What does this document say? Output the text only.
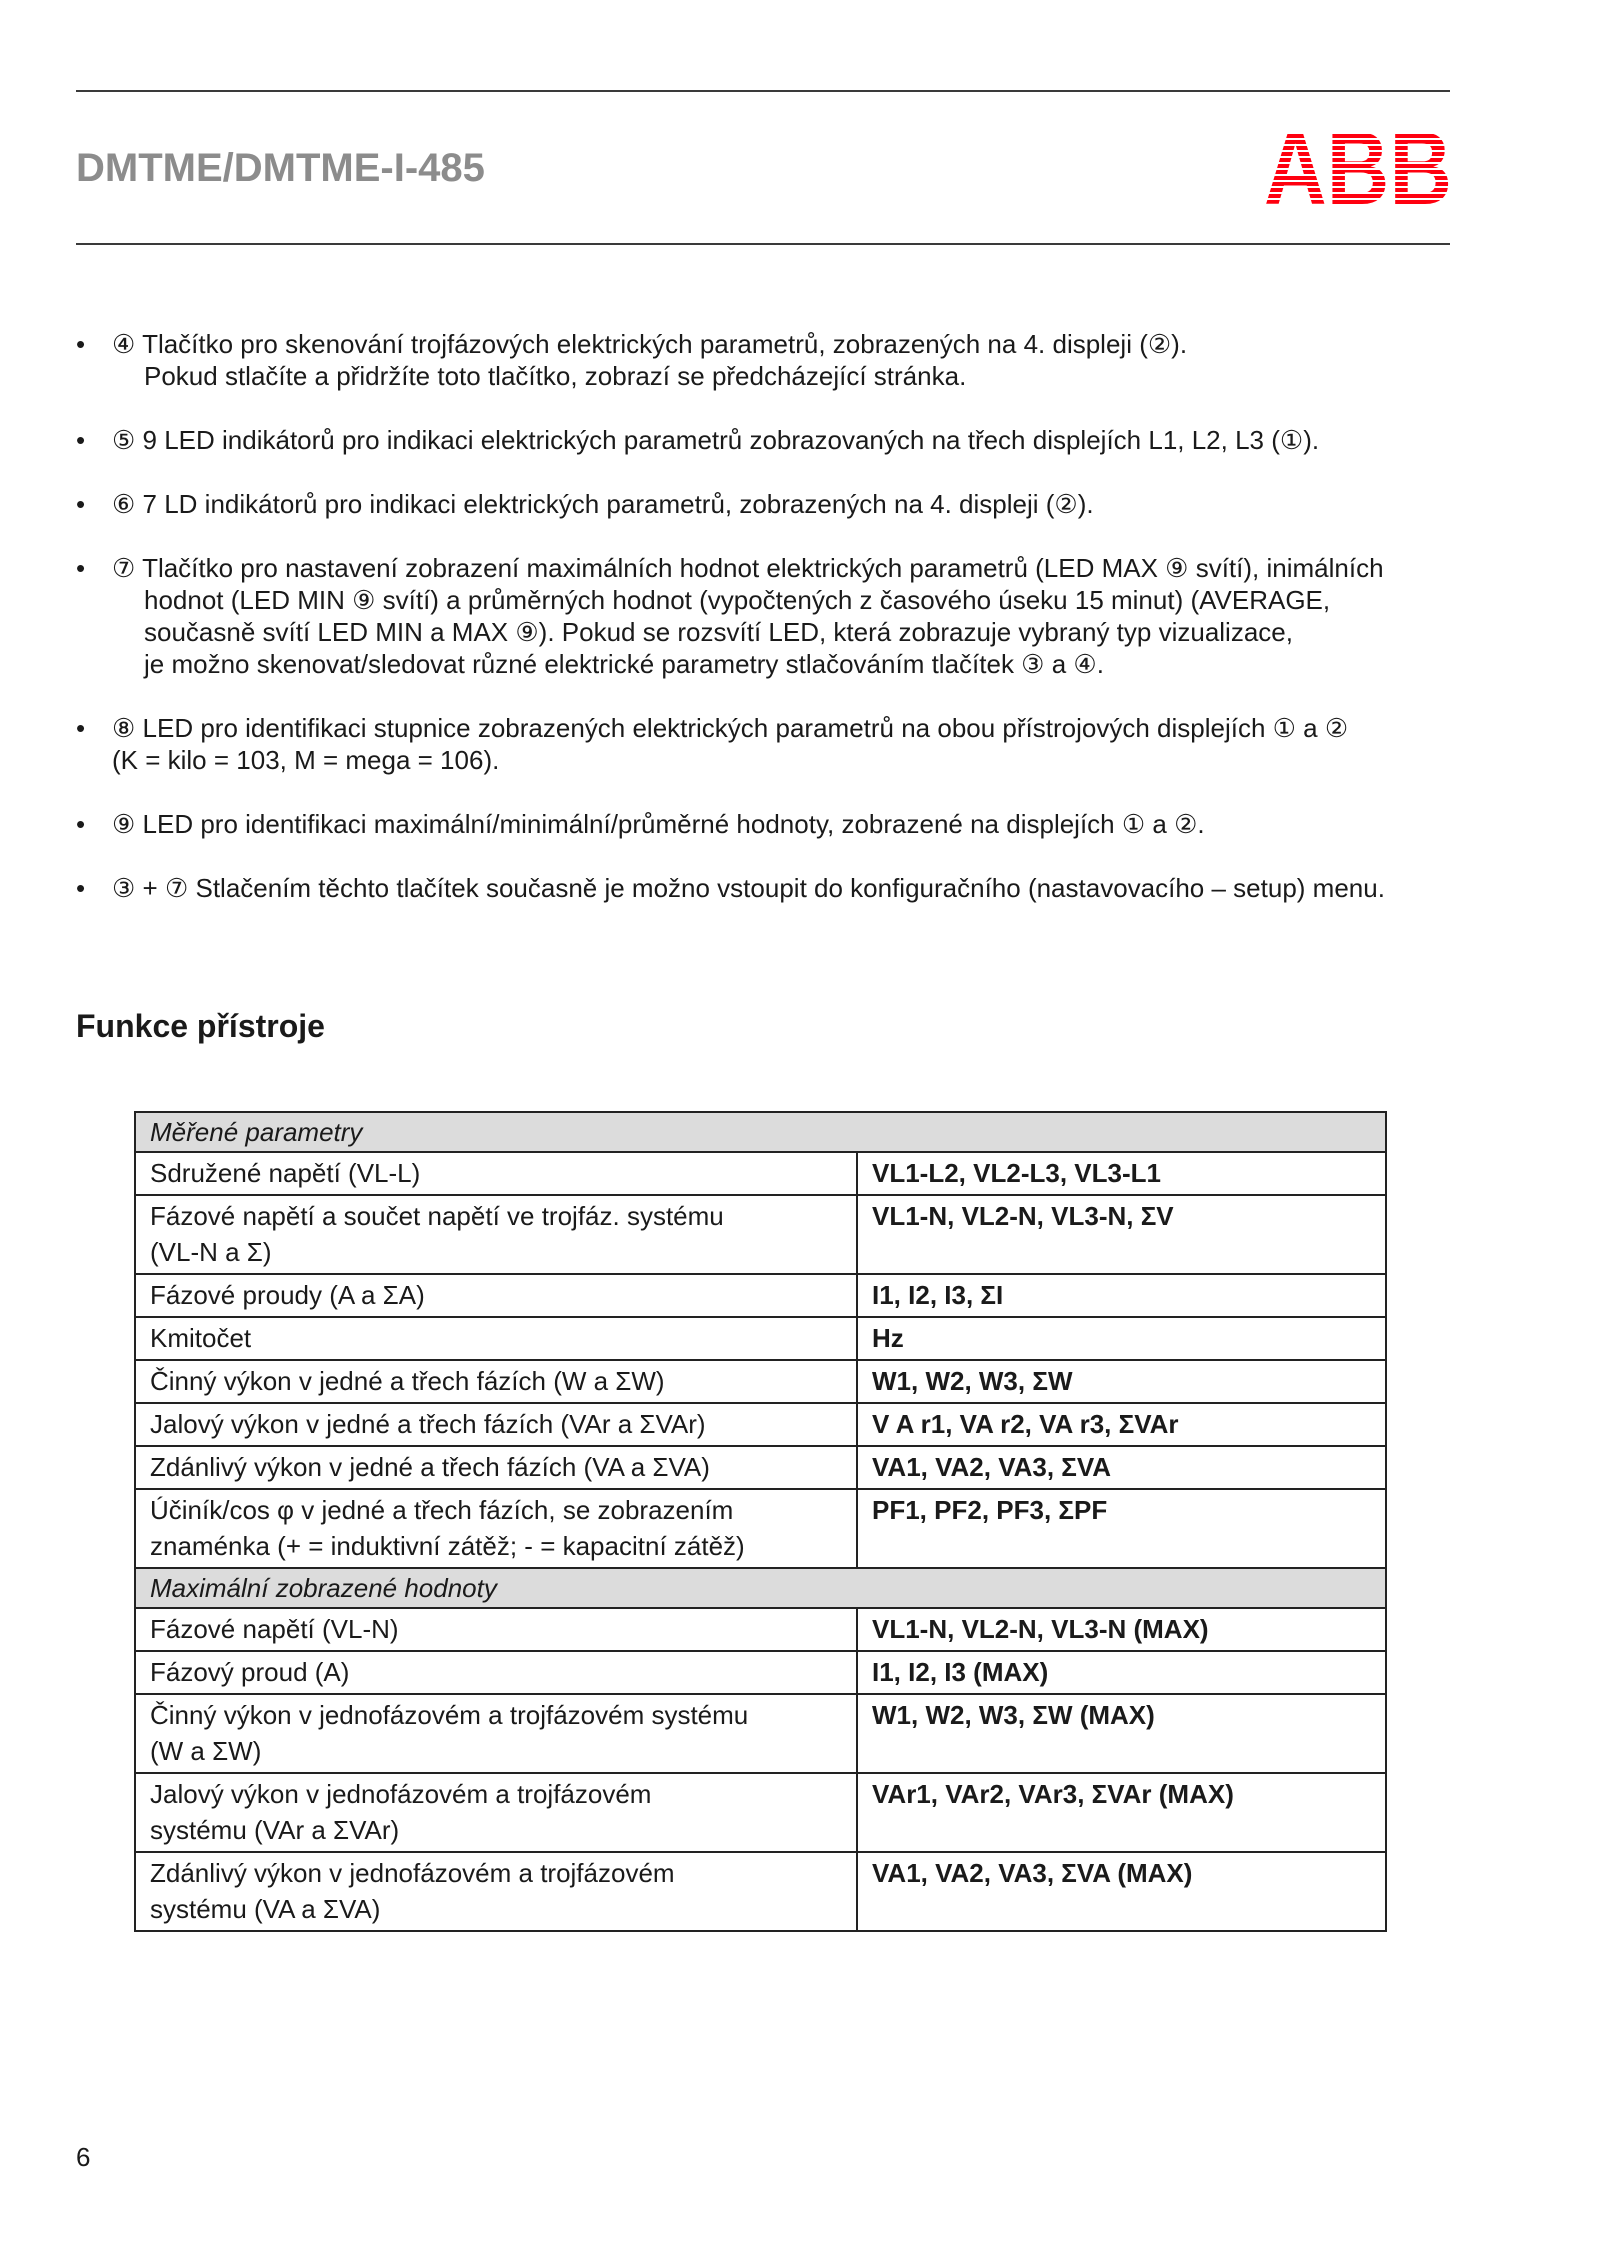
DMTME/DMTME-I-485
• ④ Tlačítko pro skenování trojfázových elektrických parametrů, zobrazených na 4. displeji (②).
Pokud stlačíte a přidržíte toto tlačítko, zobrazí se předcházející stránka.
• ⑤ 9 LED indikátorů pro indikaci elektrických parametrů zobrazovaných na třech displejích L1, L2, L3 (①).
• ⑥ 7 LD indikátorů pro indikaci elektrických parametrů, zobrazených na 4. displeji (②).
• ⑦ Tlačítko pro nastavení zobrazení maximálních hodnot elektrických parametrů (LED MAX ⑨ svítí), inimálních
hodnot (LED MIN ⑨ svítí) a průměrných hodnot (vypočtených z časového úseku 15 minut) (AVERAGE,
současně svítí LED MIN a MAX ⑨). Pokud se rozsvítí LED, která zobrazuje vybraný typ vizualizace,
je možno skenovat/sledovat různé elektrické parametry stlačováním tlačítek ③ a ④.
• ⑧ LED pro identifikaci stupnice zobrazených elektrických parametrů na obou přístrojových displejích ① a ②
(K = kilo = 103, M = mega = 106).
• ⑨ LED pro identifikaci maximální/minimální/průměrné hodnoty, zobrazené na displejích ① a ②.
• ③ + ⑦ Stlačením těchto tlačítek současně je možno vstoupit do konfiguračního (nastavovacího – setup) menu.
Funkce přístroje
Měřené parametry	

Sdružené napětí (VL-L)	VL1-L2, VL2-L3, VL3-L1

Fázové napětí a součet napětí ve trojfáz. systému
(VL-N a Σ)	VL1-N, VL2-N, VL3-N, ΣV

Fázové proudy (A a ΣA)	I1, I2, I3, ΣI

Kmitočet	Hz

Činný výkon v jedné a třech fázích (W a ΣW)	W1, W2, W3, ΣW

Jalový výkon v jedné a třech fázích (VAr a ΣVAr)	V A r1, VA r2, VA r3, ΣVAr

Zdánlivý výkon v jedné a třech fázích (VA a ΣVA)	VA1, VA2, VA3, ΣVA

Účiník/cos φ v jedné a třech fázích, se zobrazením
znaménka (+ = induktivní zátěž; - = kapacitní zátěž)	PF1, PF2, PF3, ΣPF
Maximální zobrazené hodnoty	

Fázové napětí (VL-N)	VL1-N, VL2-N, VL3-N (MAX)

Fázový proud (A)	I1, I2, I3 (MAX)

Činný výkon v jednofázovém a trojfázovém systému
(W a ΣW)	W1, W2, W3, ΣW (MAX)

Jalový výkon v jednofázovém a trojfázovém
systému (VAr a ΣVAr)	VAr1, VAr2, VAr3, ΣVAr (MAX)

Zdánlivý výkon v jednofázovém a trojfázovém
systému (VA a ΣVA)	VA1, VA2, VA3, ΣVA (MAX)

6
